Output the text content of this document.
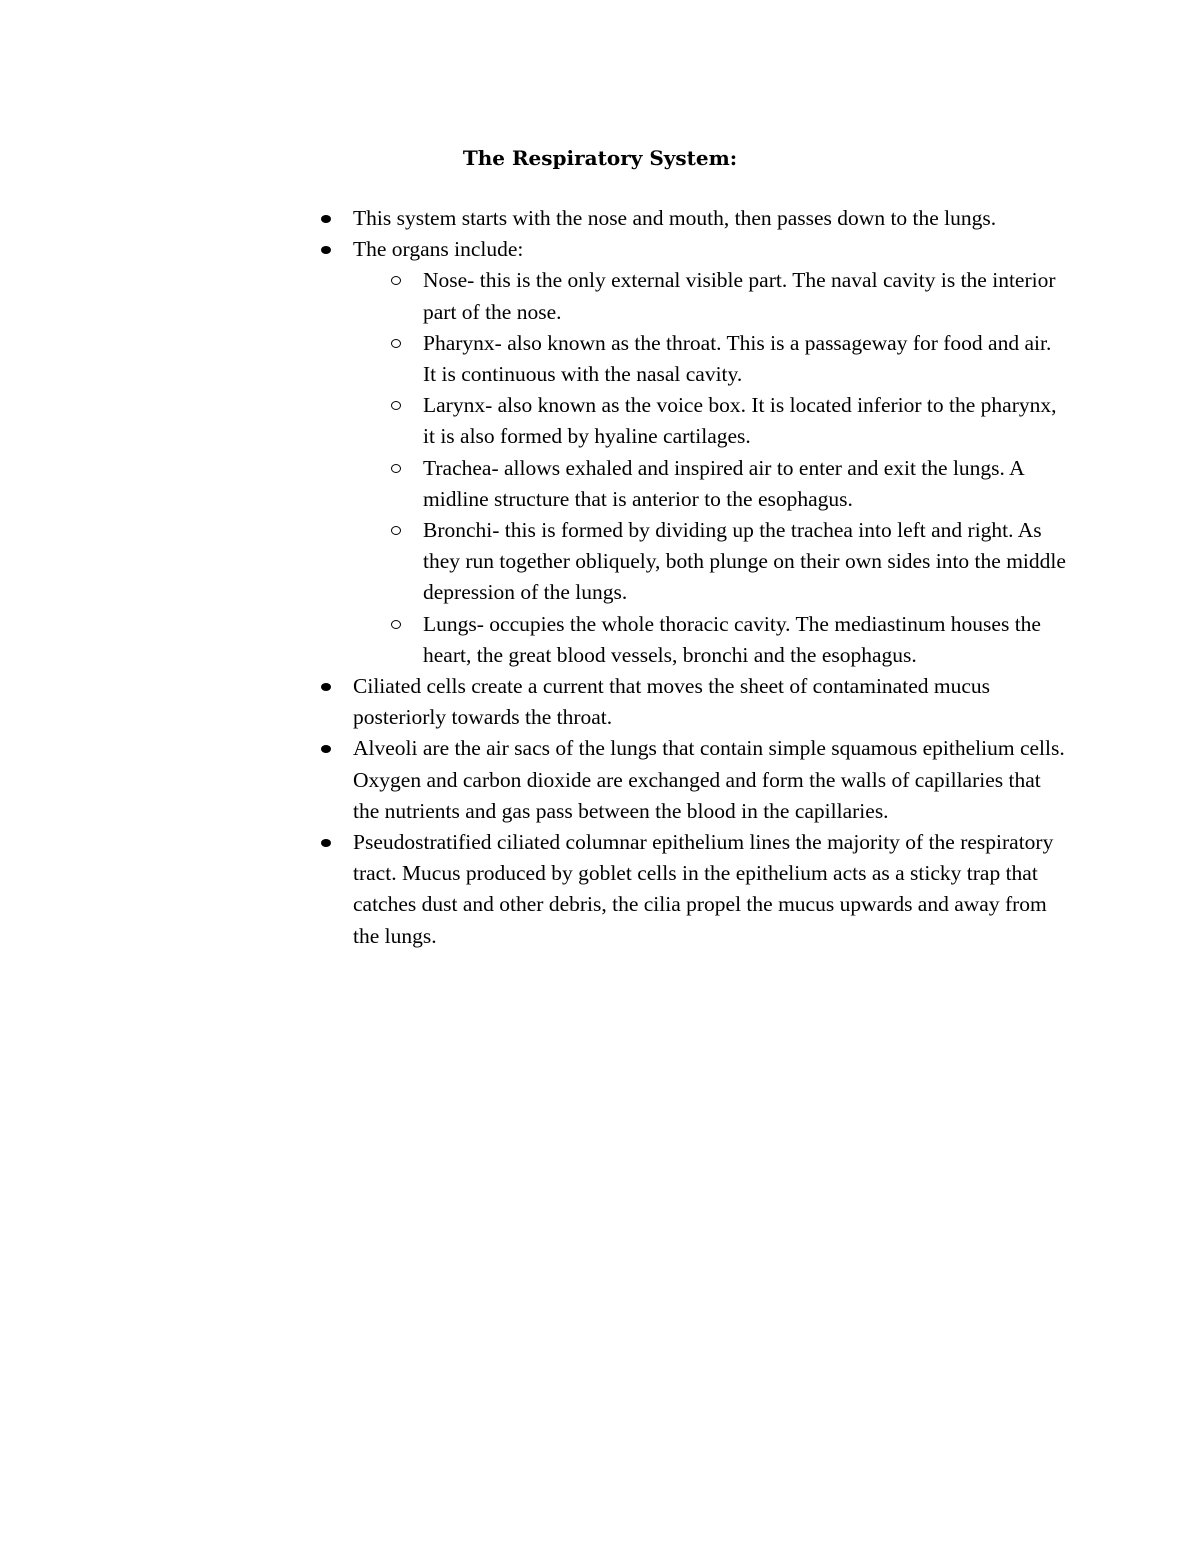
The Respiratory System:
This system starts with the nose and mouth, then passes down to the lungs.
The organs include:
Nose- this is the only external visible part. The naval cavity is the interior part of the nose.
Pharynx- also known as the throat. This is a passageway for food and air. It is continuous with the nasal cavity.
Larynx- also known as the voice box. It is located inferior to the pharynx, it is also formed by hyaline cartilages.
Trachea- allows exhaled and inspired air to enter and exit the lungs. A midline structure that is anterior to the esophagus.
Bronchi- this is formed by dividing up the trachea into left and right. As they run together obliquely, both plunge on their own sides into the middle depression of the lungs.
Lungs- occupies the whole thoracic cavity. The mediastinum houses the heart, the great blood vessels, bronchi and the esophagus.
Ciliated cells create a current that moves the sheet of contaminated mucus posteriorly towards the throat.
Alveoli are the air sacs of the lungs that contain simple squamous epithelium cells. Oxygen and carbon dioxide are exchanged and form the walls of capillaries that the nutrients and gas pass between the blood in the capillaries.
Pseudostratified ciliated columnar epithelium lines the majority of the respiratory tract. Mucus produced by goblet cells in the epithelium acts as a sticky trap that catches dust and other debris, the cilia propel the mucus upwards and away from the lungs.
